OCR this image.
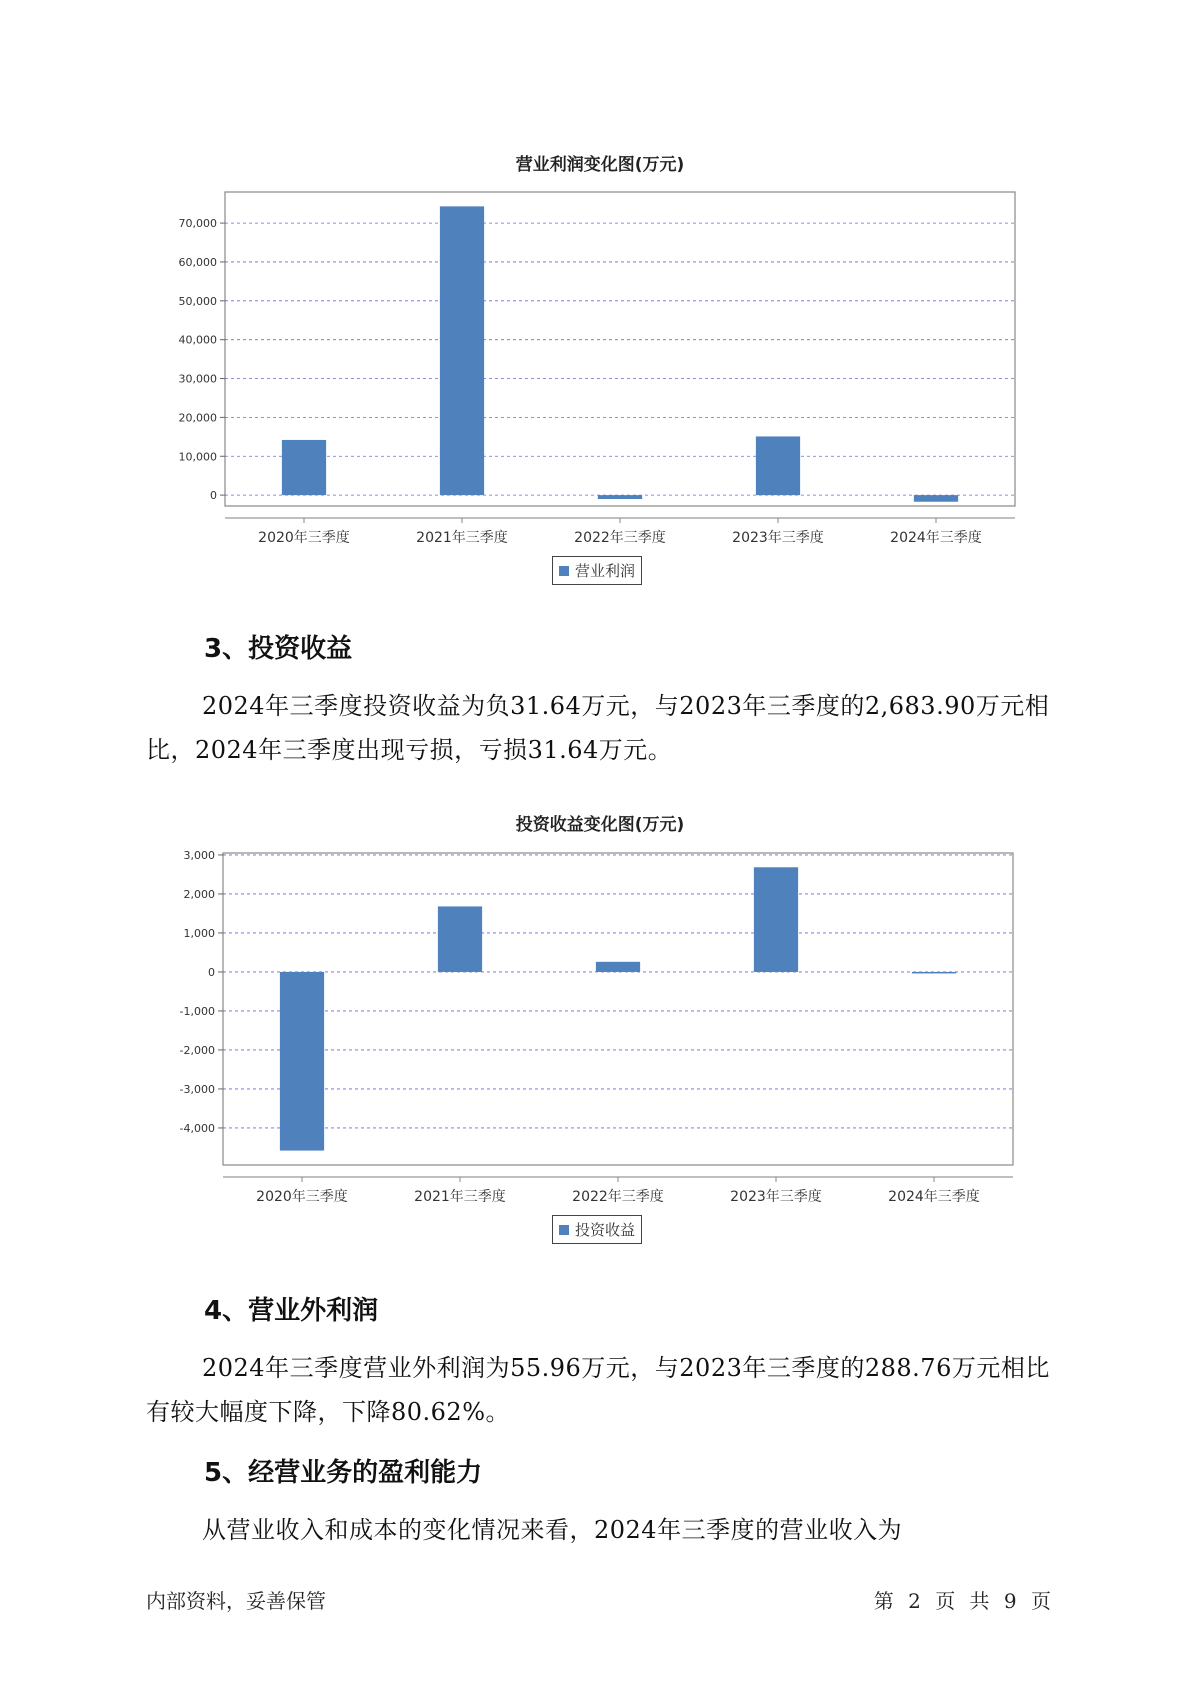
营业利润变化图(万元)
0
10,000
20,000
30,000
40,000
50,000
60,000
70,000
2020年三季度	2021年三季度	2022年三季度	2023年三季度	2024年三季度
营业利润
3、投资收益

2024年三季度投资收益为负31.64万元，与2023年三季度的2,683.90万元相比，2024年三季度出现亏损，亏损31.64万元。

投资收益变化图(万元)
-4,000
-3,000
-2,000
-1,000
0
1,000
2,000
3,000
2020年三季度	2021年三季度	2022年三季度	2023年三季度	2024年三季度
投资收益
4、营业外利润

2024年三季度营业外利润为55.96万元，与2023年三季度的288.76万元相比有较大幅度下降，下降80.62%。

5、经营业务的盈利能力

从营业收入和成本的变化情况来看，2024年三季度的营业收入为

内部资料，妥善保管	第 2 页 共 9 页
